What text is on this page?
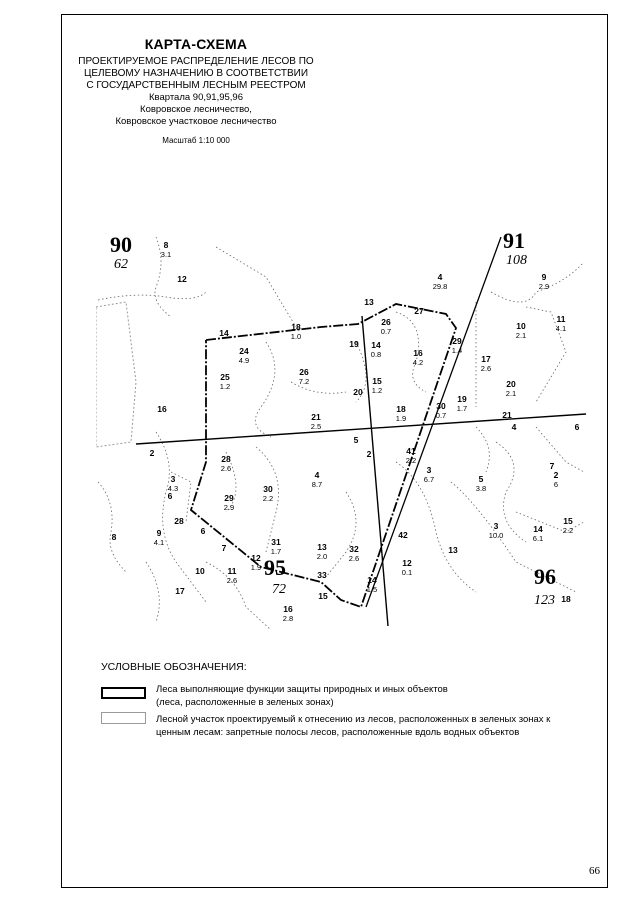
КАРТА-СХЕМА
ПРОЕКТИРУЕМОЕ РАСПРЕДЕЛЕНИЕ ЛЕСОВ ПО
ЦЕЛЕВОМУ НАЗНАЧЕНИЮ В СООТВЕТСТВИИ
С ГОСУДАРСТВЕННЫМ ЛЕСНЫМ РЕЕСТРОМ
Квартала 90,91,95,96
Ковровское лесничество,
Ковровское участковое лесничество
Масштаб 1:10 000
90
62
91
108
95
72
96
123
8
3.1
12	4
29.8
9
2.9
13
26
0.7
27
10
2.1
11
4.1
14
18
1.0
19 14
0.8	16
4.2
29
1.4
24
4.9	17
2.6
25
1.2
26
7.2	15
1.2
20
20
2.1
16	18
1.9
30
0.7
19
1.7
21
2.5
21
4	6
2
5
28
2.6
2	41
2.2
7
3
6.7	5
3.8
2
6
3
4.3
4
8.7
6
30
2.2
29
2.9
28
42
3
10.0
14
6.1
15
2.2
9
4.1
6
8
7
31
1.7	13
2.0
32
2.6
13
12
1.9
11
2.6
10
12
0.1
33	14
1.5
15
16
2.8
17
18
УСЛОВНЫЕ ОБОЗНАЧЕНИЯ:
Леса выполняющие функции защиты природных и иных объектов
(леса, расположенные в зеленых зонах)
Лесной участок проектируемый к отнесению из лесов, расположенных в зеленых зонах к
ценным лесам: запретные полосы лесов, расположенные вдоль водных объектов
66
